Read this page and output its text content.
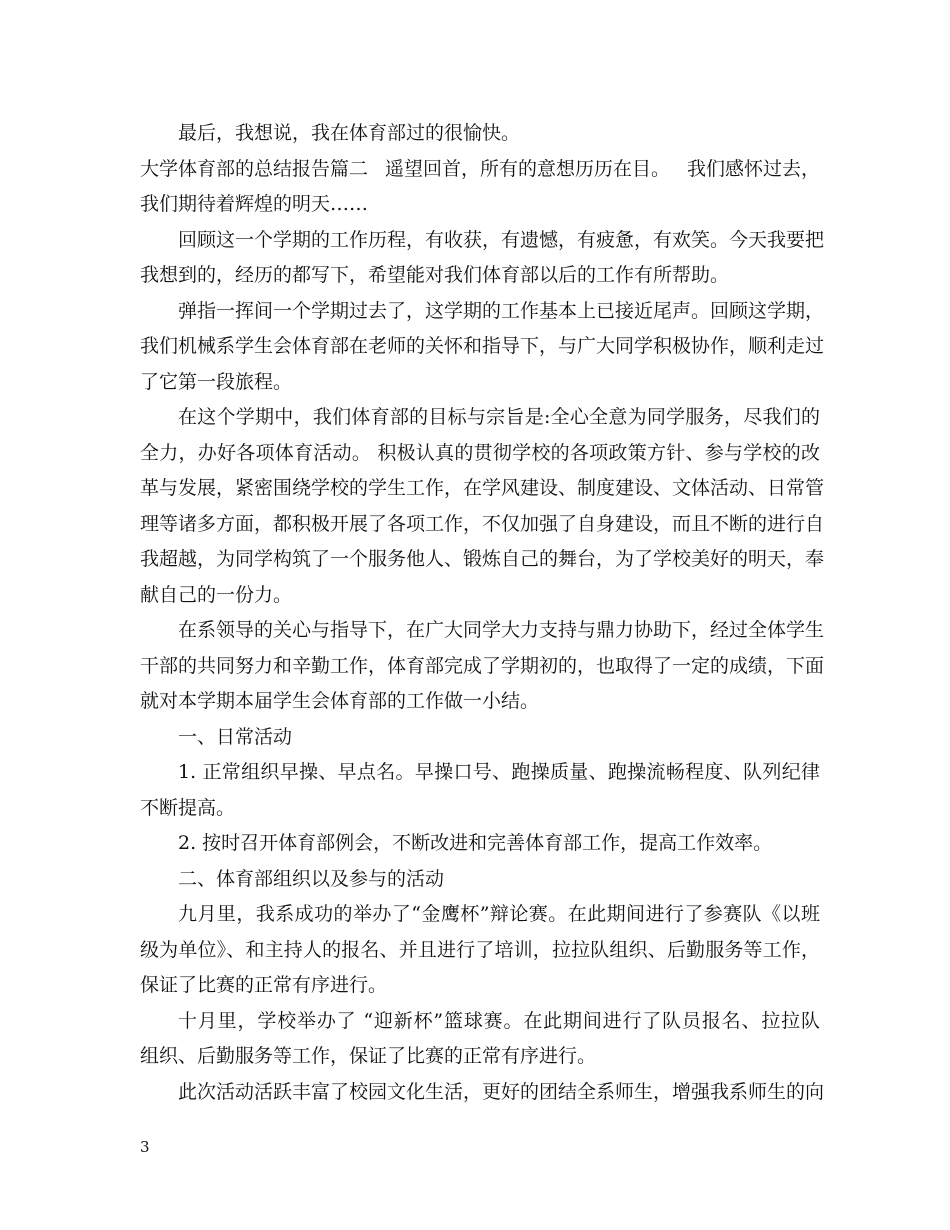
最后，我想说，我在体育部过的很愉快。
大学体育部的总结报告篇二 遥望回首，所有的意想历历在目。 我们感怀过去，
我们期待着辉煌的明天……
回顾这一个学期的工作历程，有收获，有遗憾，有疲惫，有欢笑。今天我要把
我想到的，经历的都写下，希望能对我们体育部以后的工作有所帮助。
弹指一挥间一个学期过去了，这学期的工作基本上已接近尾声。回顾这学期，
我们机械系学生会体育部在老师的关怀和指导下，与广大同学积极协作，顺利走过
了它第一段旅程。
在这个学期中，我们体育部的目标与宗旨是:全心全意为同学服务，尽我们的
全力，办好各项体育活动。 积极认真的贯彻学校的各项政策方针、参与学校的改
革与发展，紧密围绕学校的学生工作，在学风建设、制度建设、文体活动、日常管
理等诸多方面，都积极开展了各项工作，不仅加强了自身建设，而且不断的进行自
我超越，为同学构筑了一个服务他人、锻炼自己的舞台，为了学校美好的明天，奉
献自己的一份力。
在系领导的关心与指导下，在广大同学大力支持与鼎力协助下，经过全体学生
干部的共同努力和辛勤工作，体育部完成了学期初的，也取得了一定的成绩，下面
就对本学期本届学生会体育部的工作做一小结。
一、日常活动
1. 正常组织早操、早点名。早操口号、跑操质量、跑操流畅程度、队列纪律
不断提高。
2. 按时召开体育部例会，不断改进和完善体育部工作，提高工作效率。
二、体育部组织以及参与的活动
九月里，我系成功的举办了“金鹰杯”辩论赛。在此期间进行了参赛队《以班
级为单位》、和主持人的报名、并且进行了培训，拉拉队组织、后勤服务等工作，
保证了比赛的正常有序进行。
十月里，学校举办了 “迎新杯”篮球赛。在此期间进行了队员报名、拉拉队
组织、后勤服务等工作，保证了比赛的正常有序进行。
此次活动活跃丰富了校园文化生活，更好的团结全系师生，增强我系师生的向
3
